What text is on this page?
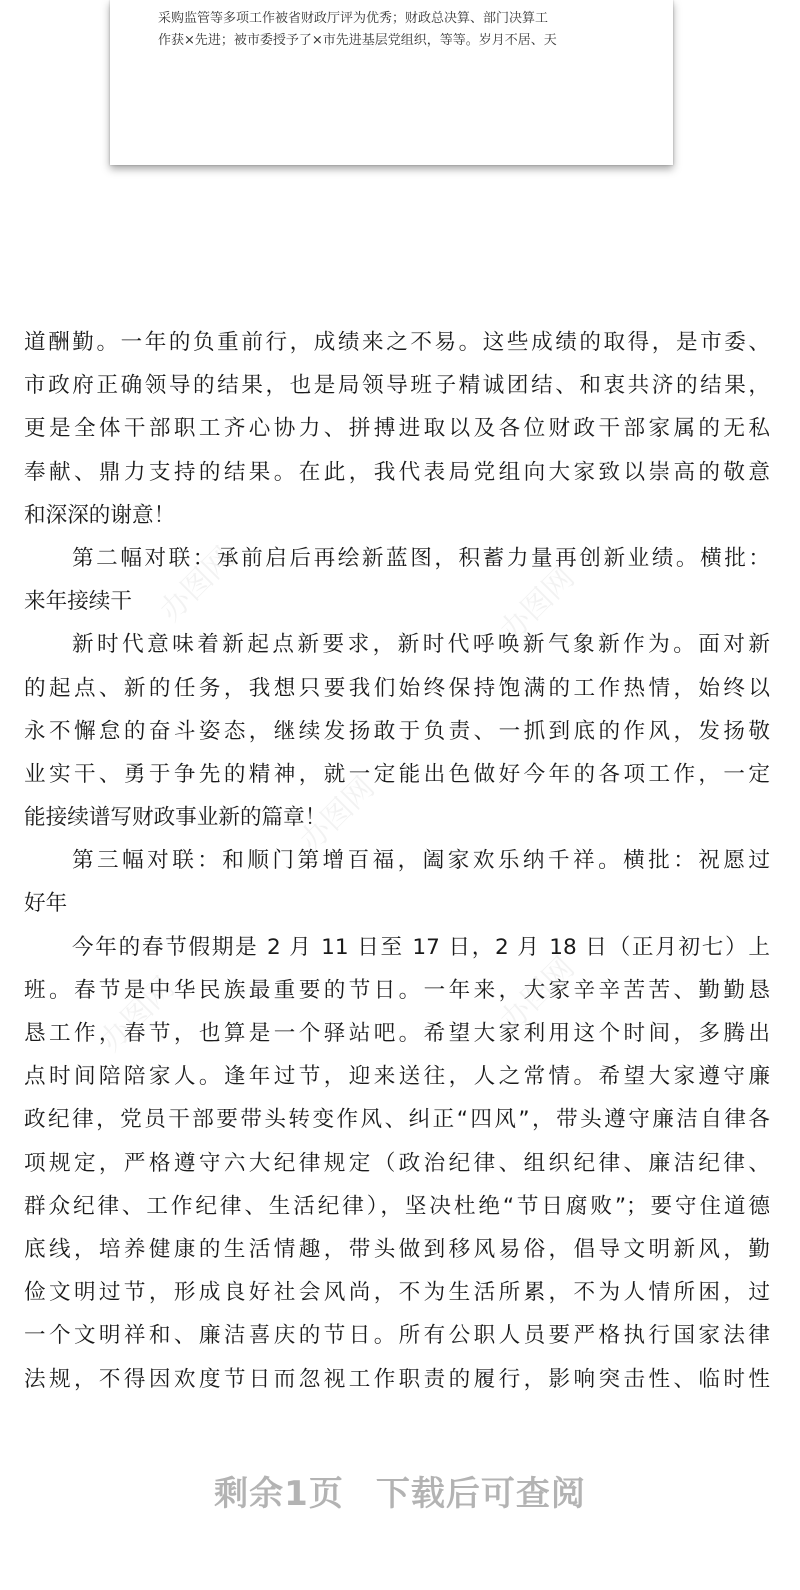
采购监管等多项工作被省财政厅评为优秀；财政总决算、部门决算工
作获×先进；被市委授予了×市先进基层党组织，等等。岁月不居、天
道酬勤。一年的负重前行，成绩来之不易。这些成绩的取得，是市委、
市政府正确领导的结果，也是局领导班子精诚团结、和衷共济的结果，
更是全体干部职工齐心协力、拼搏进取以及各位财政干部家属的无私
奉献、鼎力支持的结果。在此，我代表局党组向大家致以崇高的敬意
和深深的谢意！
第二幅对联：承前启后再绘新蓝图，积蓄力量再创新业绩。横批：
来年接续干
新时代意味着新起点新要求，新时代呼唤新气象新作为。面对新
的起点、新的任务，我想只要我们始终保持饱满的工作热情，始终以
永不懈怠的奋斗姿态，继续发扬敢于负责、一抓到底的作风，发扬敬
业实干、勇于争先的精神，就一定能出色做好今年的各项工作，一定
能接续谱写财政事业新的篇章！
第三幅对联：和顺门第增百福，阖家欢乐纳千祥。横批：祝愿过
好年
今年的春节假期是 2 月 11 日至 17 日，2 月 18 日（正月初七）上
班。春节是中华民族最重要的节日。一年来，大家辛辛苦苦、勤勤恳
恳工作，春节，也算是一个驿站吧。希望大家利用这个时间，多腾出
点时间陪陪家人。逢年过节，迎来送往，人之常情。希望大家遵守廉
政纪律，党员干部要带头转变作风、纠正“四风”，带头遵守廉洁自律各
项规定，严格遵守六大纪律规定（政治纪律、组织纪律、廉洁纪律、
群众纪律、工作纪律、生活纪律），坚决杜绝“节日腐败”；要守住道德
底线，培养健康的生活情趣，带头做到移风易俗，倡导文明新风，勤
俭文明过节，形成良好社会风尚，不为生活所累，不为人情所困，过
一个文明祥和、廉洁喜庆的节日。所有公职人员要严格执行国家法律
法规，不得因欢度节日而忽视工作职责的履行，影响突击性、临时性
办图网	办图网
办图网
办图网	办图网
剩余1页 下载后可查阅
